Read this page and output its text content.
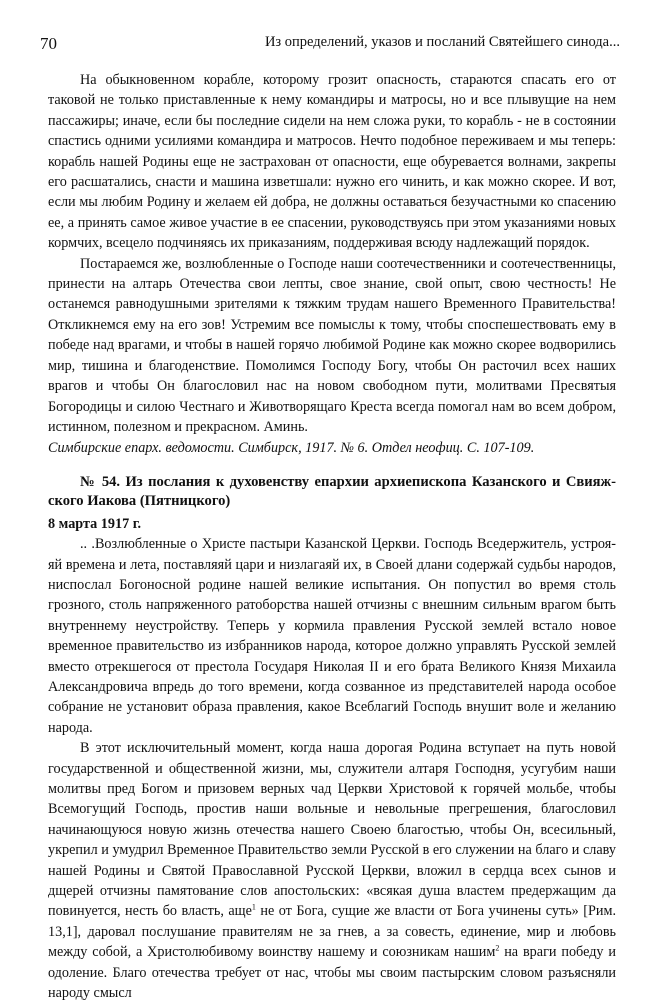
70	Из определений, указов и посланий Святейшего синода...

На обыкновенном корабле, которому грозит опасность, стараются спасать его от таковой не только приставленные к нему командиры и матросы, но и все плывущие на нем пассажиры; иначе, если бы последние сидели на нем сложа руки, то корабль - не в состоянии спастись одними усилиями командира и матросов. Нечто подобное переживаем и мы теперь: корабль нашей Родины еще не застрахован от опасности, еще обуревается волнами, закрепы его расшатались, снасти и машина изветшали: нужно его чинить, и как можно скорее. И вот, если мы любим Родину и желаем ей добра, не должны оставаться безучастными ко спасению ее, а принять самое живое участие в ее спасении, руководствуясь при этом указаниями новых кормчих, всецело подчиняясь их приказаниям, поддерживая всюду надлежащий порядок.

Постараемся же, возлюбленные о Господе наши соотечественники и соотечественницы, принести на алтарь Отечества свои лепты, свое знание, свой опыт, свою честность! Не останемся равнодушными зрителями к тяжким трудам нашего Временного Правительства! Откликнемся ему на его зов! Устремим все помыслы к тому, чтобы споспешествовать ему в победе над врагами, и чтобы в нашей горячо любимой Родине как можно скорее водворились мир, тишина и благоденствие. Помолимся Господу Богу, чтобы Он расточил всех наших врагов и чтобы Он благословил нас на новом свободном пути, молитвами Пресвятыя Богородицы и силою Честнаго и Животворящаго Креста всегда помогал нам во всем добром, истинном, полезном и прекрасном. Аминь.

Симбирские епарх. ведомости. Симбирск, 1917. № 6. Отдел неофиц. С. 107-109.

№ 54. Из послания к духовенству епархии архиепископа Казанского и Свияж-ского Иакова (Пятницкого)

8 марта 1917 г.

.. .Возлюбленные о Христе пастыри Казанской Церкви. Господь Вседержитель, устроя-яй времена и лета, поставляяй цари и низлагаяй их, в Своей длани содержай судьбы народов, ниспослал Богоносной родине нашей великие испытания. Он попустил во время столь грозного, столь напряженного ратоборства нашей отчизны с внешним сильным врагом быть внутреннему неустройству. Теперь у кормила правления Русской землей встало новое временное правительство из избранников народа, которое должно управлять Русской землей вместо отрекшегося от престола Государя Николая II и его брата Великого Князя Михаила Александровича впредь до того времени, когда созванное из представителей народа особое собрание не установит образа правления, какое Всеблагий Господь внушит воле и желанию народа.

В этот исключительный момент, когда наша дорогая Родина вступает на путь новой государственной и общественной жизни, мы, служители алтаря Господня, усугубим наши молитвы пред Богом и призовем верных чад Церкви Христовой к горячей мольбе, чтобы Всемогущий Господь, простив наши вольные и невольные прегрешения, благословил начинающуюся новую жизнь отечества нашего Своею благостью, чтобы Он, всесильный, укрепил и умудрил Временное Правительство земли Русской в его служении на благо и славу нашей Родины и Святой Православной Русской Церкви, вложил в сердца всех сынов и дщерей отчизны памятование слов апостольских: «всякая душа властем предержащим да повинуется, несть бо власть, аще$^1$ не от Бога, сущие же власти от Бога учинены суть» [Рим. 13,1], даровал послушание правителям не за гнев, а за совесть, единение, мир и любовь между собой, а Христолюбивому воинству нашему и союзникам нашим$^2$ на враги победу и одоление. Благо отечества требует от нас, чтобы мы своим пастырским словом разъясняли народу смысл
